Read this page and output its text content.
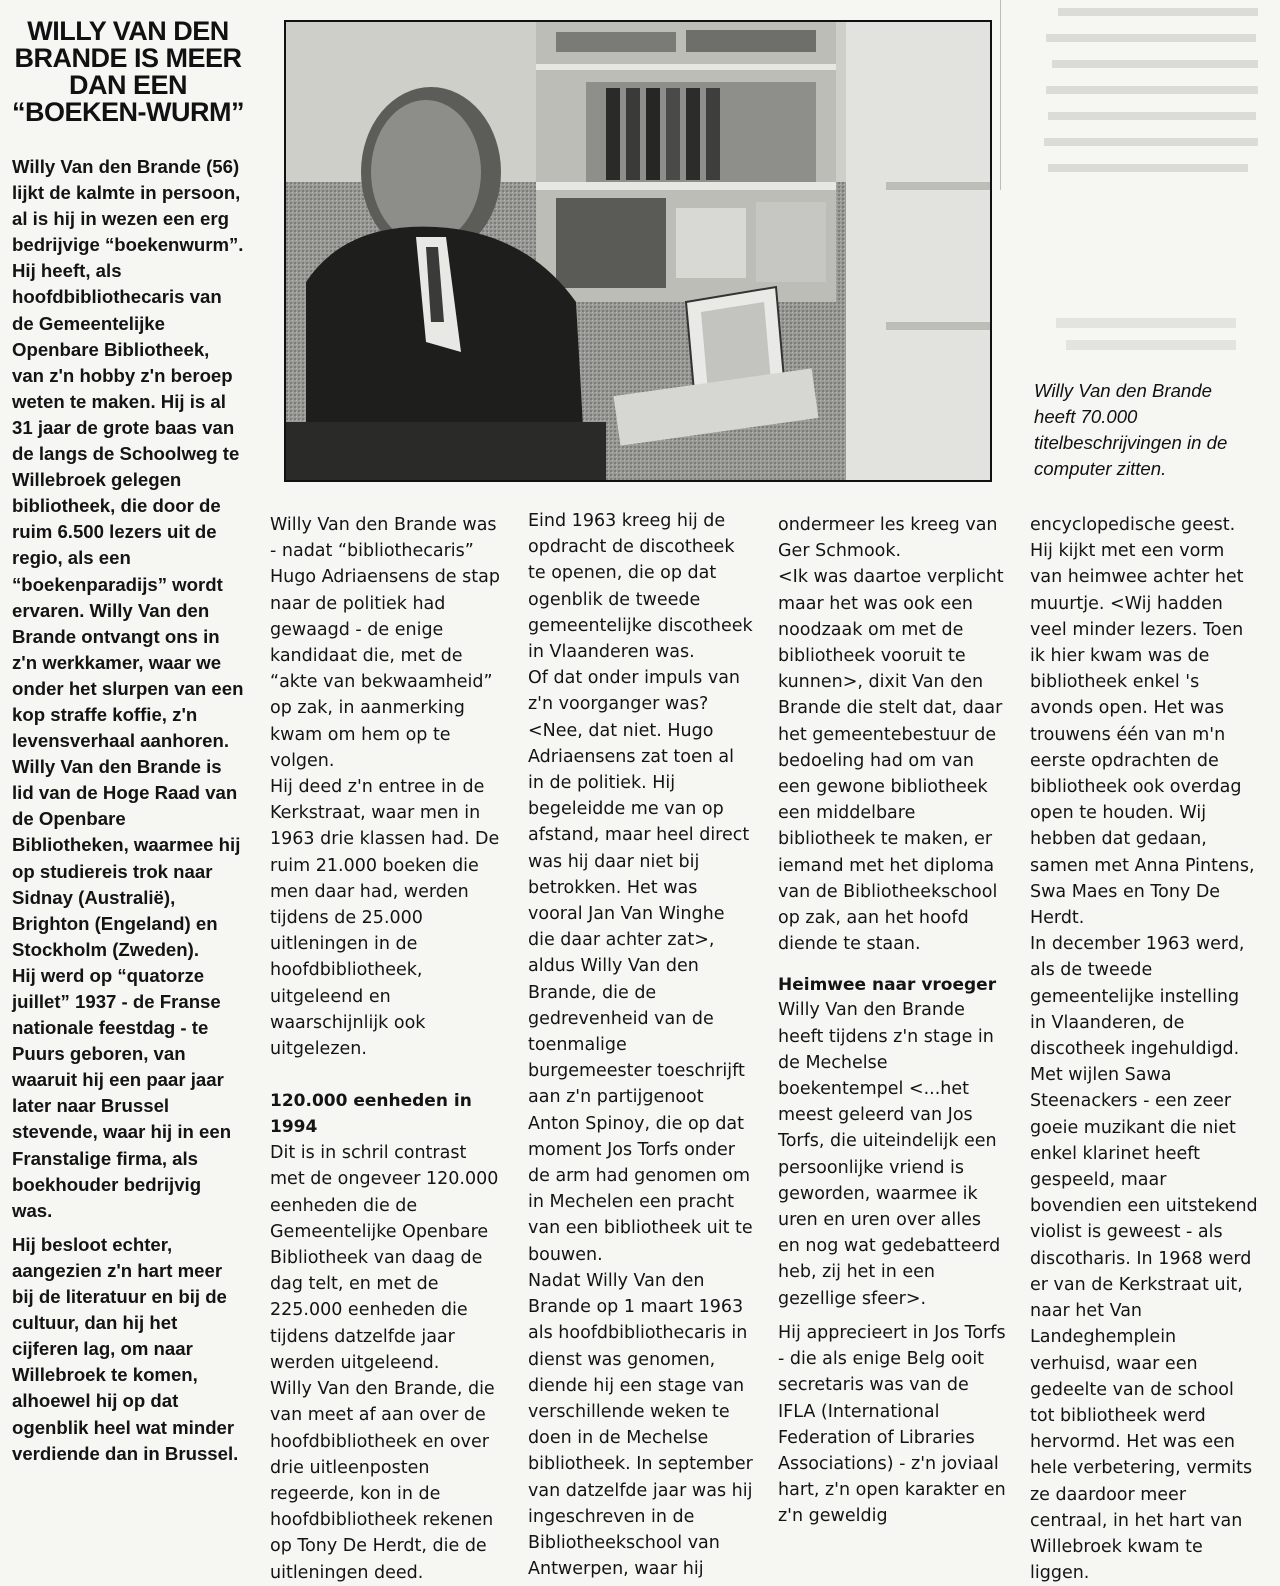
WILLY VAN DEN BRANDE IS MEER DAN EEN “BOEKEN-WURM”

Willy Van den Brande (56) lijkt de kalmte in persoon, al is hij in wezen een erg bedrijvige “boekenwurm”. Hij heeft, als hoofdbibliothecaris van de Gemeentelijke Openbare Bibliotheek, van z'n hobby z'n beroep weten te maken. Hij is al 31 jaar de grote baas van de langs de Schoolweg te Willebroek gelegen bibliotheek, die door de ruim 6.500 lezers uit de regio, als een “boekenparadijs” wordt ervaren. Willy Van den Brande ontvangt ons in z'n werkkamer, waar we onder het slurpen van een kop straffe koffie, z'n levensverhaal aanhoren.

Willy Van den Brande is lid van de Hoge Raad van de Openbare Bibliotheken, waarmee hij op studiereis trok naar Sidnay (Australië), Brighton (Engeland) en Stockholm (Zweden).

Hij werd op “quatorze juillet” 1937 - de Franse nationale feestdag - te Puurs geboren, van waaruit hij een paar jaar later naar Brussel stevende, waar hij in een Franstalige firma, als boekhouder bedrijvig was.

Hij besloot echter, aangezien z'n hart meer bij de literatuur en bij de cultuur, dan hij het cijferen lag, om naar Willebroek te komen, alhoewel hij op dat ogenblik heel wat minder verdiende dan in Brussel.

Willy Van den Brande heeft 70.000 titelbeschrijvingen in de computer zitten.

Willy Van den Brande was - nadat “bibliothecaris” Hugo Adriaensens de stap naar de politiek had gewaagd - de enige kandidaat die, met de “akte van bekwaamheid” op zak, in aanmerking kwam om hem op te volgen.

Hij deed z'n entree in de Kerkstraat, waar men in 1963 drie klassen had. De ruim 21.000 boeken die men daar had, werden tijdens de 25.000 uitleningen in de hoofdbibliotheek, uitgeleend en waarschijnlijk ook uitgelezen.

120.000 eenheden in
1994

Dit is in schril contrast met de ongeveer 120.000 eenheden die de Gemeentelijke Openbare Bibliotheek van daag de dag telt, en met de 225.000 eenheden die tijdens datzelfde jaar werden uitgeleend.

Willy Van den Brande, die van meet af aan over de hoofdbibliotheek en over drie uitleenposten regeerde, kon in de hoofdbibliotheek rekenen op Tony De Herdt, die de uitleningen deed.

Eind 1963 kreeg hij de opdracht de discotheek te openen, die op dat ogenblik de tweede gemeentelijke discotheek in Vlaanderen was.

Of dat onder impuls van z'n voorganger was?

<Nee, dat niet. Hugo Adriaensens zat toen al in de politiek. Hij begeleidde me van op afstand, maar heel direct was hij daar niet bij betrokken. Het was vooral Jan Van Winghe die daar achter zat>, aldus Willy Van den Brande, die de gedrevenheid van de toenmalige burgemeester toeschrijft aan z'n partijgenoot Anton Spinoy, die op dat moment Jos Torfs onder de arm had genomen om in Mechelen een pracht van een bibliotheek uit te bouwen.

Nadat Willy Van den Brande op 1 maart 1963 als hoofdbibliothecaris in dienst was genomen, diende hij een stage van verschillende weken te doen in de Mechelse bibliotheek. In september van datzelfde jaar was hij ingeschreven in de Bibliotheekschool van Antwerpen, waar hij

ondermeer les kreeg van Ger Schmook.

<Ik was daartoe verplicht maar het was ook een noodzaak om met de bibliotheek vooruit te kunnen>, dixit Van den Brande die stelt dat, daar het gemeentebestuur de bedoeling had om van een gewone bibliotheek een middelbare bibliotheek te maken, er iemand met het diploma van de Bibliotheekschool op zak, aan het hoofd diende te staan.

Heimwee naar vroeger

Willy Van den Brande heeft tijdens z'n stage in de Mechelse boekentempel <...het meest geleerd van Jos Torfs, die uiteindelijk een persoonlijke vriend is geworden, waarmee ik uren en uren over alles en nog wat gedebatteerd heb, zij het in een gezellige sfeer>.

Hij apprecieert in Jos Torfs - die als enige Belg ooit secretaris was van de IFLA (International Federation of Libraries Associations) - z'n joviaal hart, z'n open karakter en z'n geweldig

encyclopedische geest.

Hij kijkt met een vorm van heimwee achter het muurtje. <Wij hadden veel minder lezers. Toen ik hier kwam was de bibliotheek enkel 's avonds open. Het was trouwens één van m'n eerste opdrachten de bibliotheek ook overdag open te houden. Wij hebben dat gedaan, samen met Anna Pintens, Swa Maes en Tony De Herdt.

In december 1963 werd, als de tweede gemeentelijke instelling in Vlaanderen, de discotheek ingehuldigd. Met wijlen Sawa Steenackers - een zeer goeie muzikant die niet enkel klarinet heeft gespeeld, maar bovendien een uitstekend violist is geweest - als discotharis. In 1968 werd er van de Kerkstraat uit, naar het Van Landeghemplein verhuisd, waar een gedeelte van de school tot bibliotheek werd hervormd. Het was een hele verbetering, vermits ze daardoor meer centraal, in het hart van Willebroek kwam te liggen.
